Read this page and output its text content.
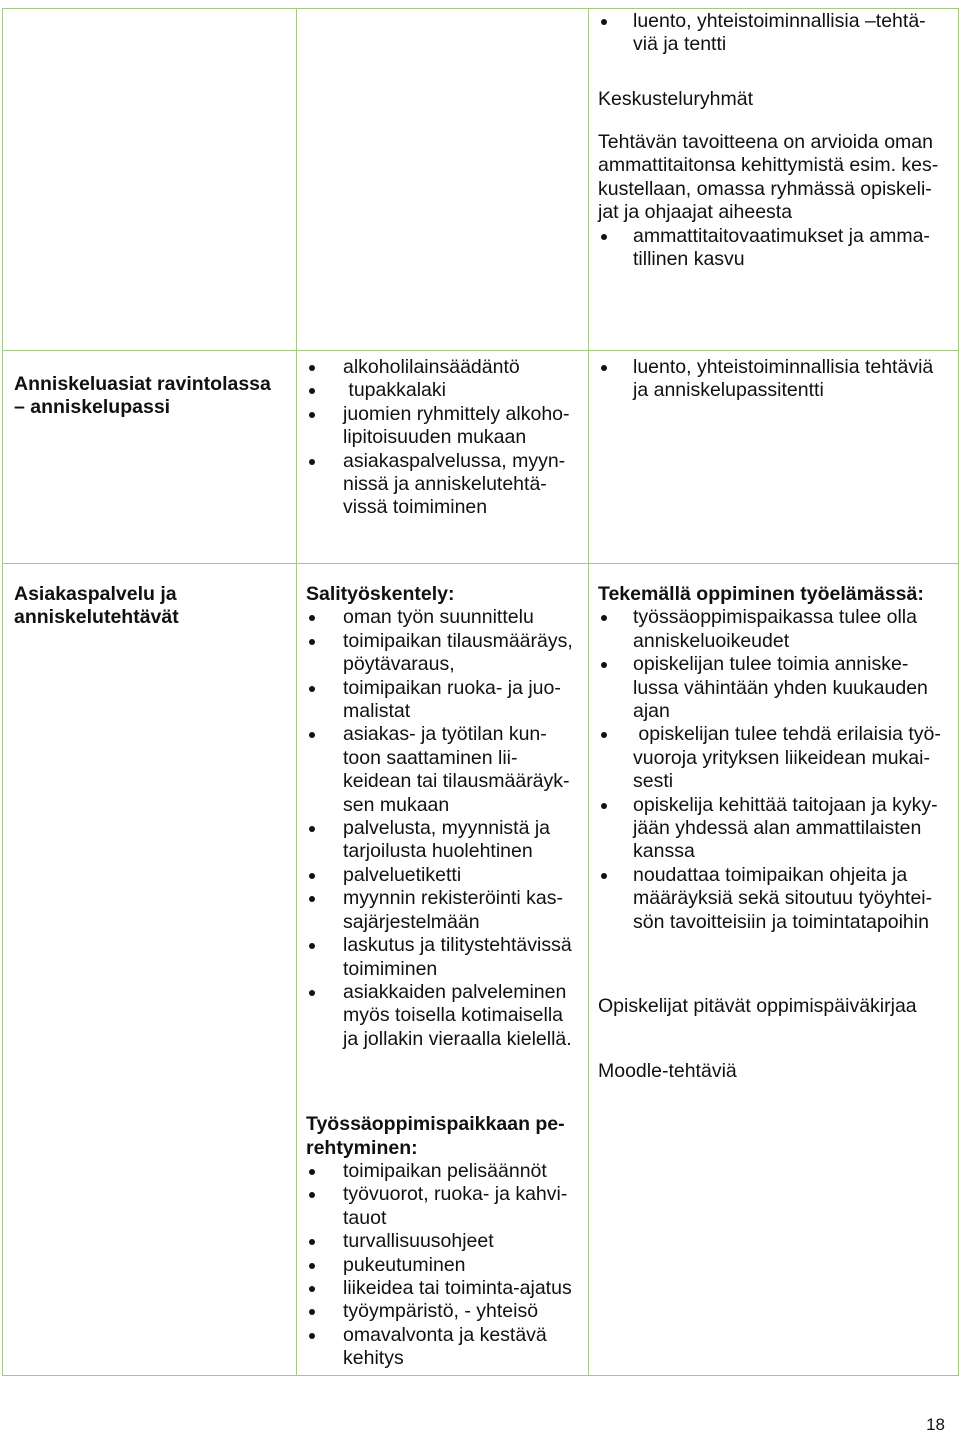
luento, yhteistoiminnallisia –tehtä-
viä ja tentti
Keskusteluryhmät
Tehtävän tavoitteena on arvioida oman
ammattitaitonsa kehittymistä esim. kes-
kustellaan, omassa ryhmässä opiskeli-
jat ja ohjaajat aiheesta
ammattitaitovaatimukset ja amma-
tillinen kasvu
Anniskeluasiat ravintolassa
– anniskelupassi
alkoholilainsäädäntö
tupakkalaki
juomien ryhmittely alkoho-
lipitoisuuden mukaan
asiakaspalvelussa, myyn-
nissä ja anniskelutehtä-
vissä toimiminen
luento, yhteistoiminnallisia tehtäviä
ja anniskelupassitentti
Asiakaspalvelu ja
anniskelutehtävät
Salityöskentely:
oman työn suunnittelu
toimipaikan tilausmääräys,
pöytävaraus,
toimipaikan ruoka- ja juo-
malistat
asiakas- ja työtilan kun-
toon saattaminen lii-
keidean tai tilausmääräyk-
sen mukaan
palvelusta, myynnistä ja
tarjoilusta huolehtinen
palveluetiketti
myynnin rekisteröinti kas-
sajärjestelmään
laskutus ja tilitystehtävissä
toimiminen
asiakkaiden palveleminen
myös toisella kotimaisella
ja jollakin vieraalla kielellä.
Työssäoppimispaikkaan pe-
rehtyminen:
toimipaikan pelisäännöt
työvuorot, ruoka- ja kahvi-
tauot
turvallisuusohjeet
pukeutuminen
liikeidea tai toiminta-ajatus
työympäristö, - yhteisö
omavalvonta ja kestävä
kehitys
Tekemällä oppiminen työelämässä:
työssäoppimispaikassa tulee olla
anniskeluoikeudet
opiskelijan tulee toimia anniske-
lussa vähintään yhden kuukauden
ajan
opiskelijan tulee tehdä erilaisia työ-
vuoroja yrityksen liikeidean mukai-
sesti
opiskelija kehittää taitojaan ja kyky-
jään yhdessä alan ammattilaisten
kanssa
noudattaa toimipaikan ohjeita ja
määräyksiä sekä sitoutuu työyhtei-
sön tavoitteisiin ja toimintatapoihin
Opiskelijat pitävät oppimispäiväkirjaa
Moodle-tehtäviä
18
